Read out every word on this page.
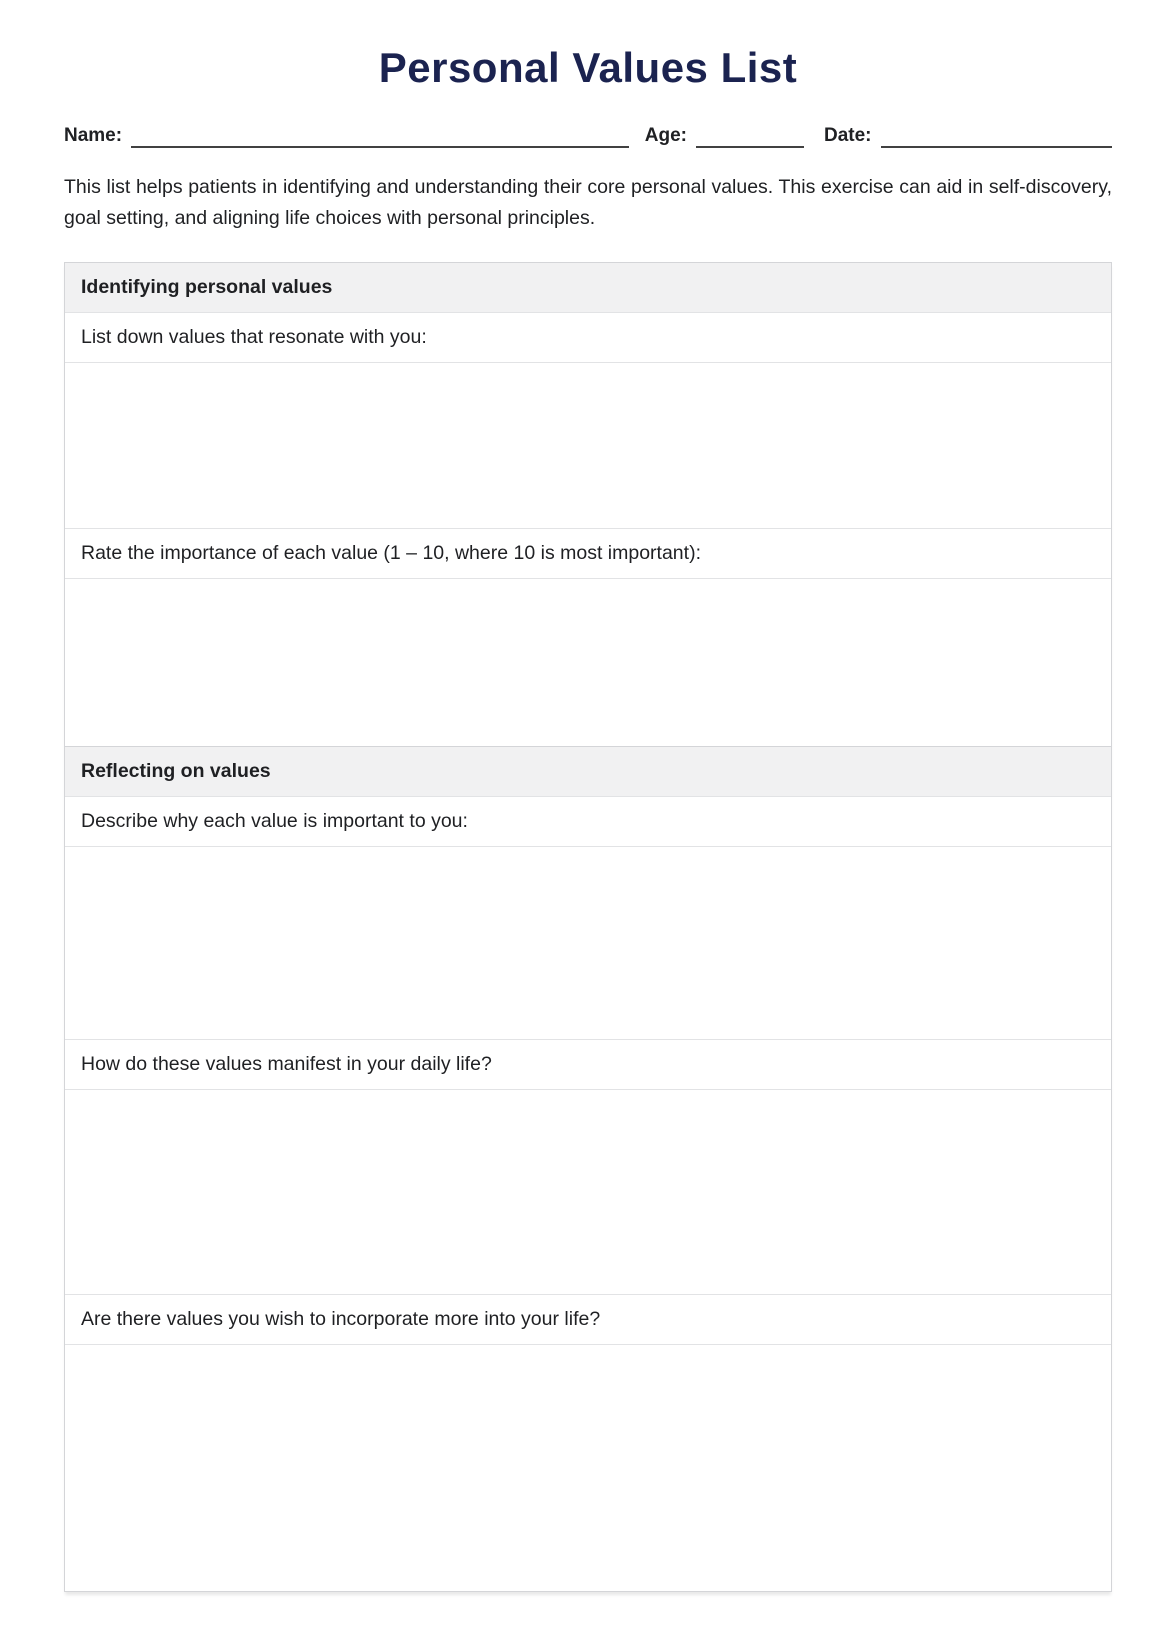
Personal Values List
Name:	Age:	Date:

This list helps patients in identifying and understanding their core personal values. This exercise can aid in self-discovery, goal setting, and aligning life choices with personal principles.

Identifying personal values
List down values that resonate with you:
Rate the importance of each value (1 – 10, where 10 is most important):
Reflecting on values
Describe why each value is important to you:
How do these values manifest in your daily life?
Are there values you wish to incorporate more into your life?
